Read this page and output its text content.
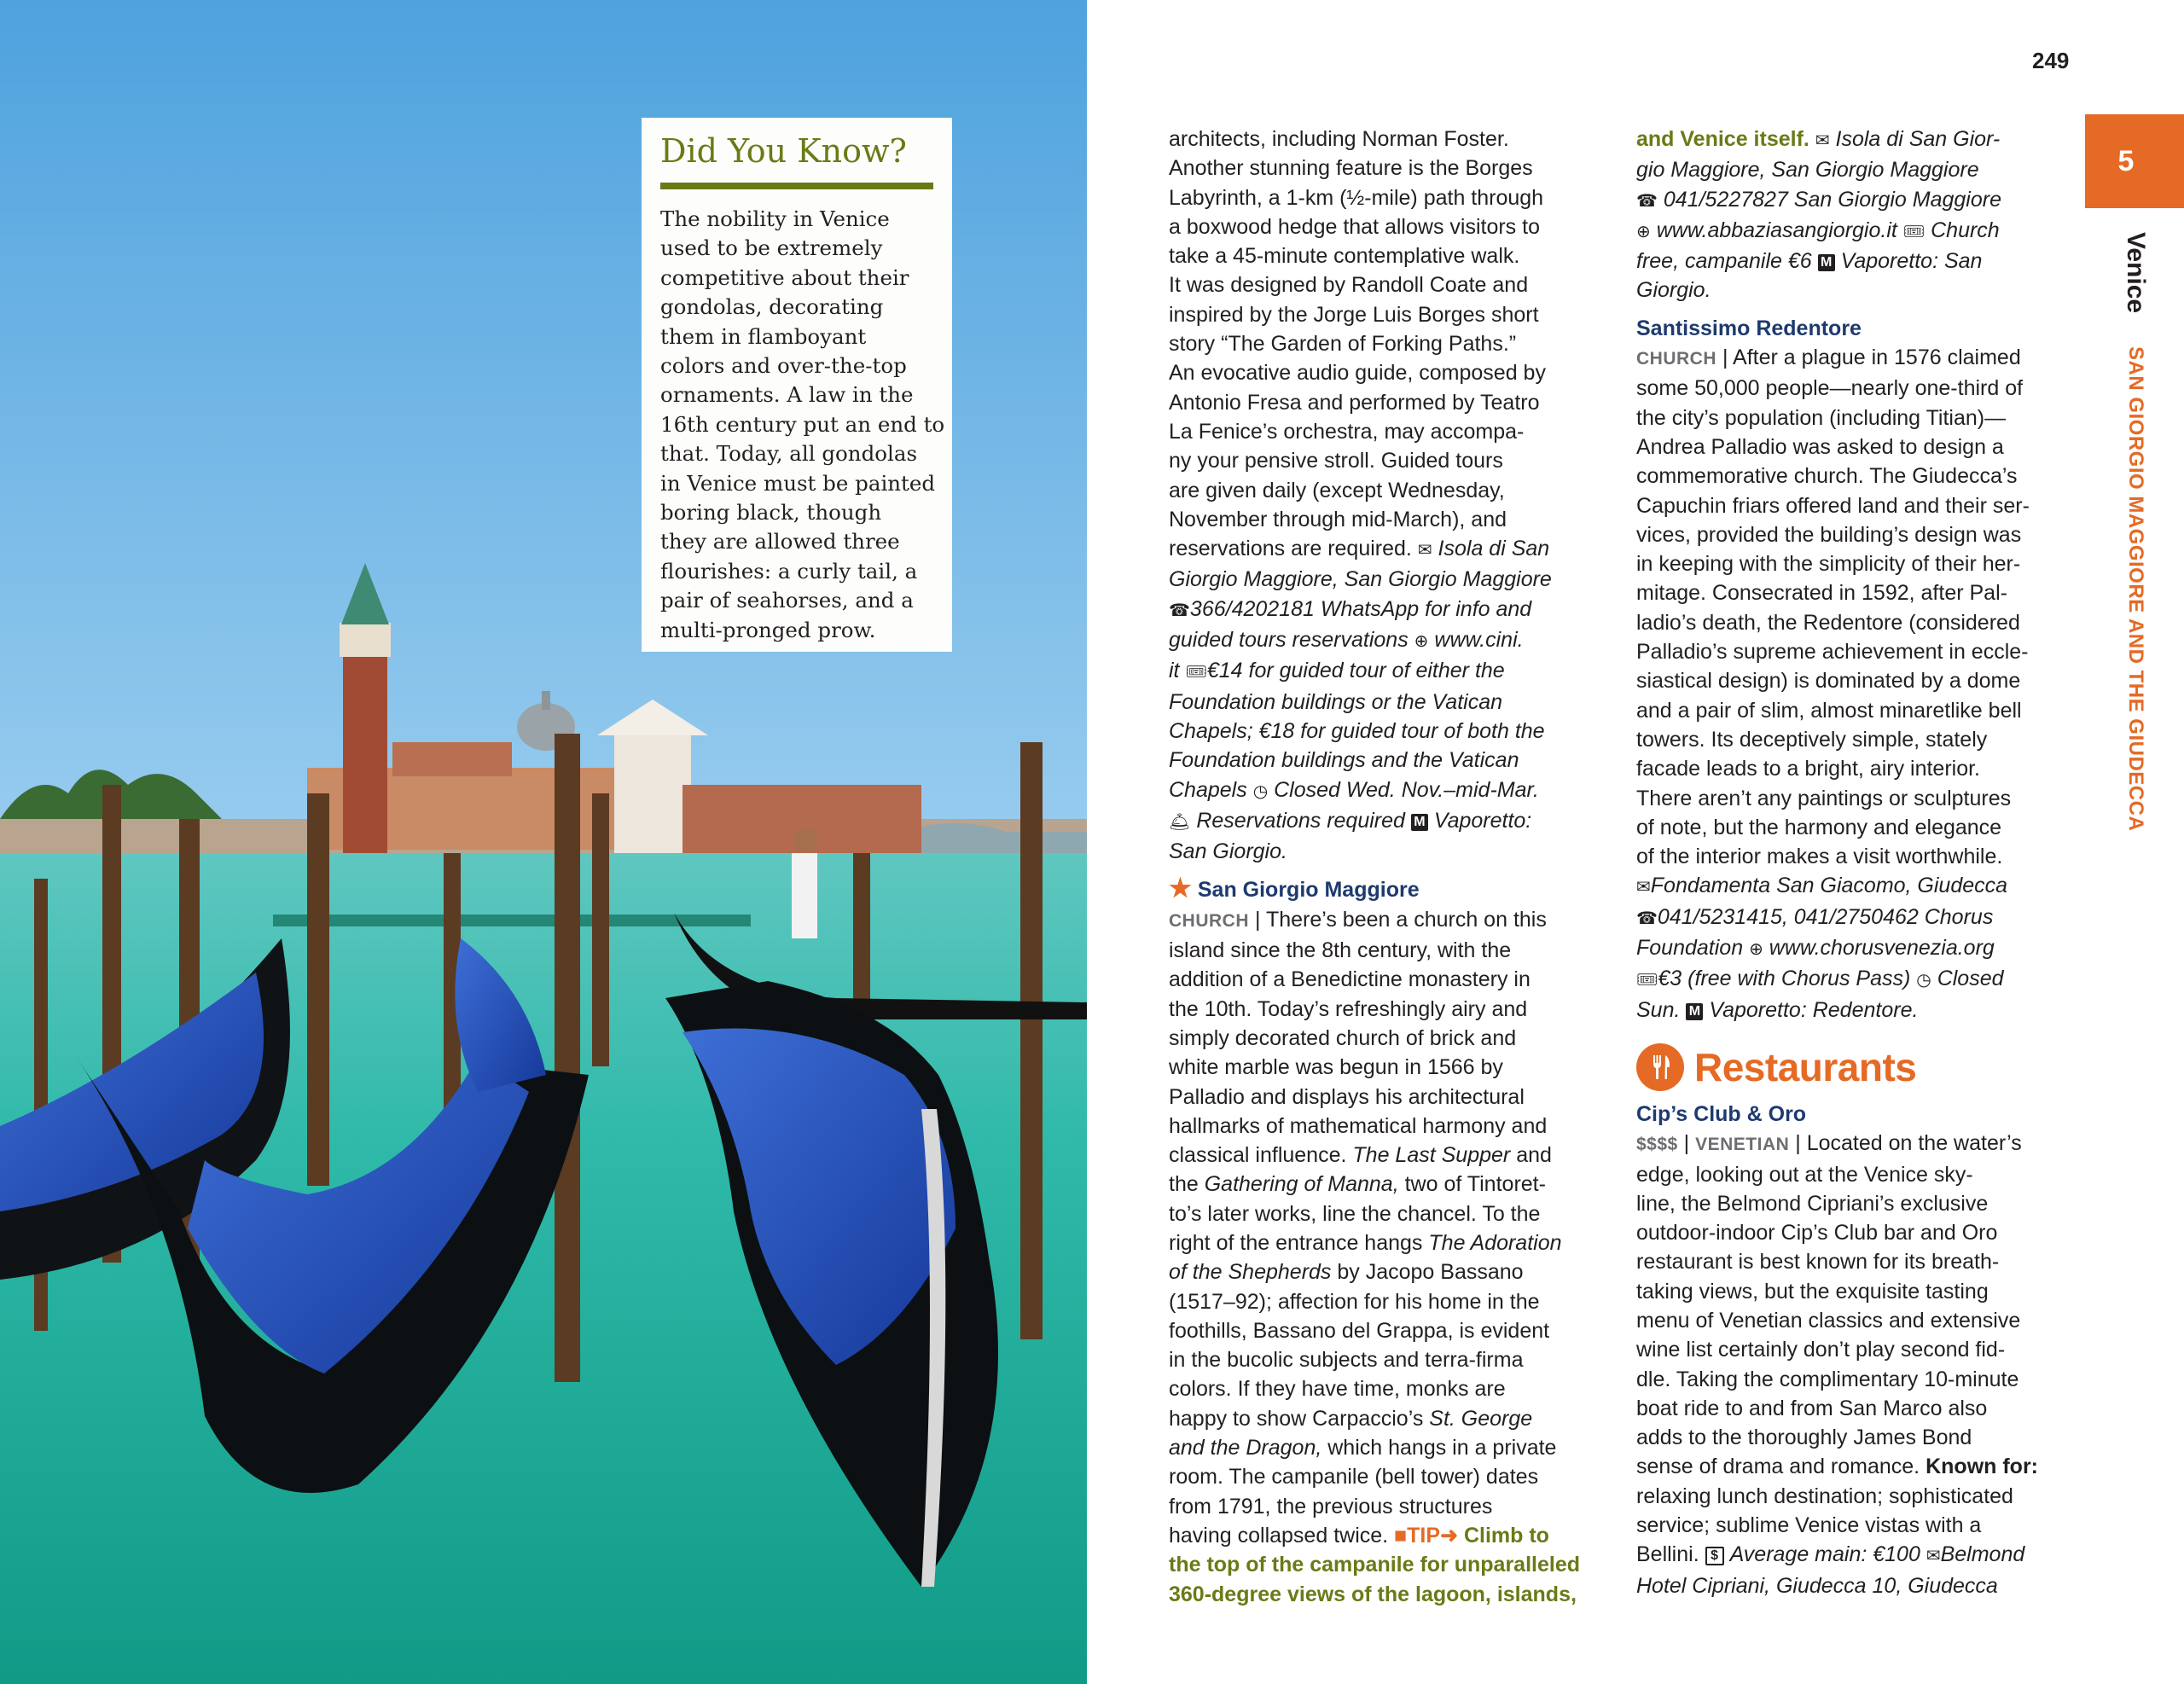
Did You Know?
The nobility in Venice
used to be extremely
competitive about their
gondolas, decorating
them in flamboyant
colors and over-the-top
ornaments. A law in the
16th century put an end to
that. Today, all gondolas
in Venice must be painted
boring black, though
they are allowed three
flourishes: a curly tail, a
pair of seahorses, and a
multi-pronged prow.
249
5
Venice SAN GIORGIO MAGGIORE AND THE GIUDECCA
architects, including Norman Foster.
Another stunning feature is the Borges
Labyrinth, a 1-km (½-mile) path through
a boxwood hedge that allows visitors to
take a 45-minute contemplative walk.
It was designed by Randoll Coate and
inspired by the Jorge Luis Borges short
story “The Garden of Forking Paths.”
An evocative audio guide, composed by
Antonio Fresa and performed by Teatro
La Fenice’s orchestra, may accompa-
ny your pensive stroll. Guided tours
are given daily (except Wednesday,
November through mid-March), and
reservations are required. ✉ Isola di San
Giorgio Maggiore, San Giorgio Maggiore
☎366/4202181 WhatsApp for info and
guided tours reservations ⊕ www.cini.
it 🎟€14 for guided tour of either the
Foundation buildings or the Vatican
Chapels; €18 for guided tour of both the
Foundation buildings and the Vatican
Chapels ◷ Closed Wed. Nov.–mid-Mar.
🛎 Reservations required M Vaporetto:
San Giorgio.
★ San Giorgio Maggiore
CHURCH | There’s been a church on this
island since the 8th century, with the
addition of a Benedictine monastery in
the 10th. Today’s refreshingly airy and
simply decorated church of brick and
white marble was begun in 1566 by
Palladio and displays his architectural
hallmarks of mathematical harmony and
classical influence. The Last Supper and
the Gathering of Manna, two of Tintoret-
to’s later works, line the chancel. To the
right of the entrance hangs The Adoration
of the Shepherds by Jacopo Bassano
(1517–92); affection for his home in the
foothills, Bassano del Grappa, is evident
in the bucolic subjects and terra-firma
colors. If they have time, monks are
happy to show Carpaccio’s St. George
and the Dragon, which hangs in a private
room. The campanile (bell tower) dates
from 1791, the previous structures
having collapsed twice. ■TIP➜ Climb to
the top of the campanile for unparalleled
360-degree views of the lagoon, islands,
and Venice itself. ✉ Isola di San Gior-
gio Maggiore, San Giorgio Maggiore
☎ 041/5227827 San Giorgio Maggiore
⊕ www.abbaziasangiorgio.it 🎟 Church
free, campanile €6 M Vaporetto: San
Giorgio.
Santissimo Redentore
CHURCH | After a plague in 1576 claimed
some 50,000 people—nearly one-third of
the city’s population (including Titian)—
Andrea Palladio was asked to design a
commemorative church. The Giudecca’s
Capuchin friars offered land and their ser-
vices, provided the building’s design was
in keeping with the simplicity of their her-
mitage. Consecrated in 1592, after Pal-
ladio’s death, the Redentore (considered
Palladio’s supreme achievement in eccle-
siastical design) is dominated by a dome
and a pair of slim, almost minaretlike bell
towers. Its deceptively simple, stately
facade leads to a bright, airy interior.
There aren’t any paintings or sculptures
of note, but the harmony and elegance
of the interior makes a visit worthwhile.
✉Fondamenta San Giacomo, Giudecca
☎041/5231415, 041/2750462 Chorus
Foundation ⊕ www.chorusvenezia.org
🎟€3 (free with Chorus Pass) ◷ Closed
Sun. M Vaporetto: Redentore.
Restaurants
Cip’s Club & Oro
$$$$ | VENETIAN | Located on the water’s
edge, looking out at the Venice sky-
line, the Belmond Cipriani’s exclusive
outdoor-indoor Cip’s Club bar and Oro
restaurant is best known for its breath-
taking views, but the exquisite tasting
menu of Venetian classics and extensive
wine list certainly don’t play second fid-
dle. Taking the complimentary 10-minute
boat ride to and from San Marco also
adds to the thoroughly James Bond
sense of drama and romance. Known for:
relaxing lunch destination; sophisticated
service; sublime Venice vistas with a
Bellini. $ Average main: €100 ✉Belmond
Hotel Cipriani, Giudecca 10, Giudecca
